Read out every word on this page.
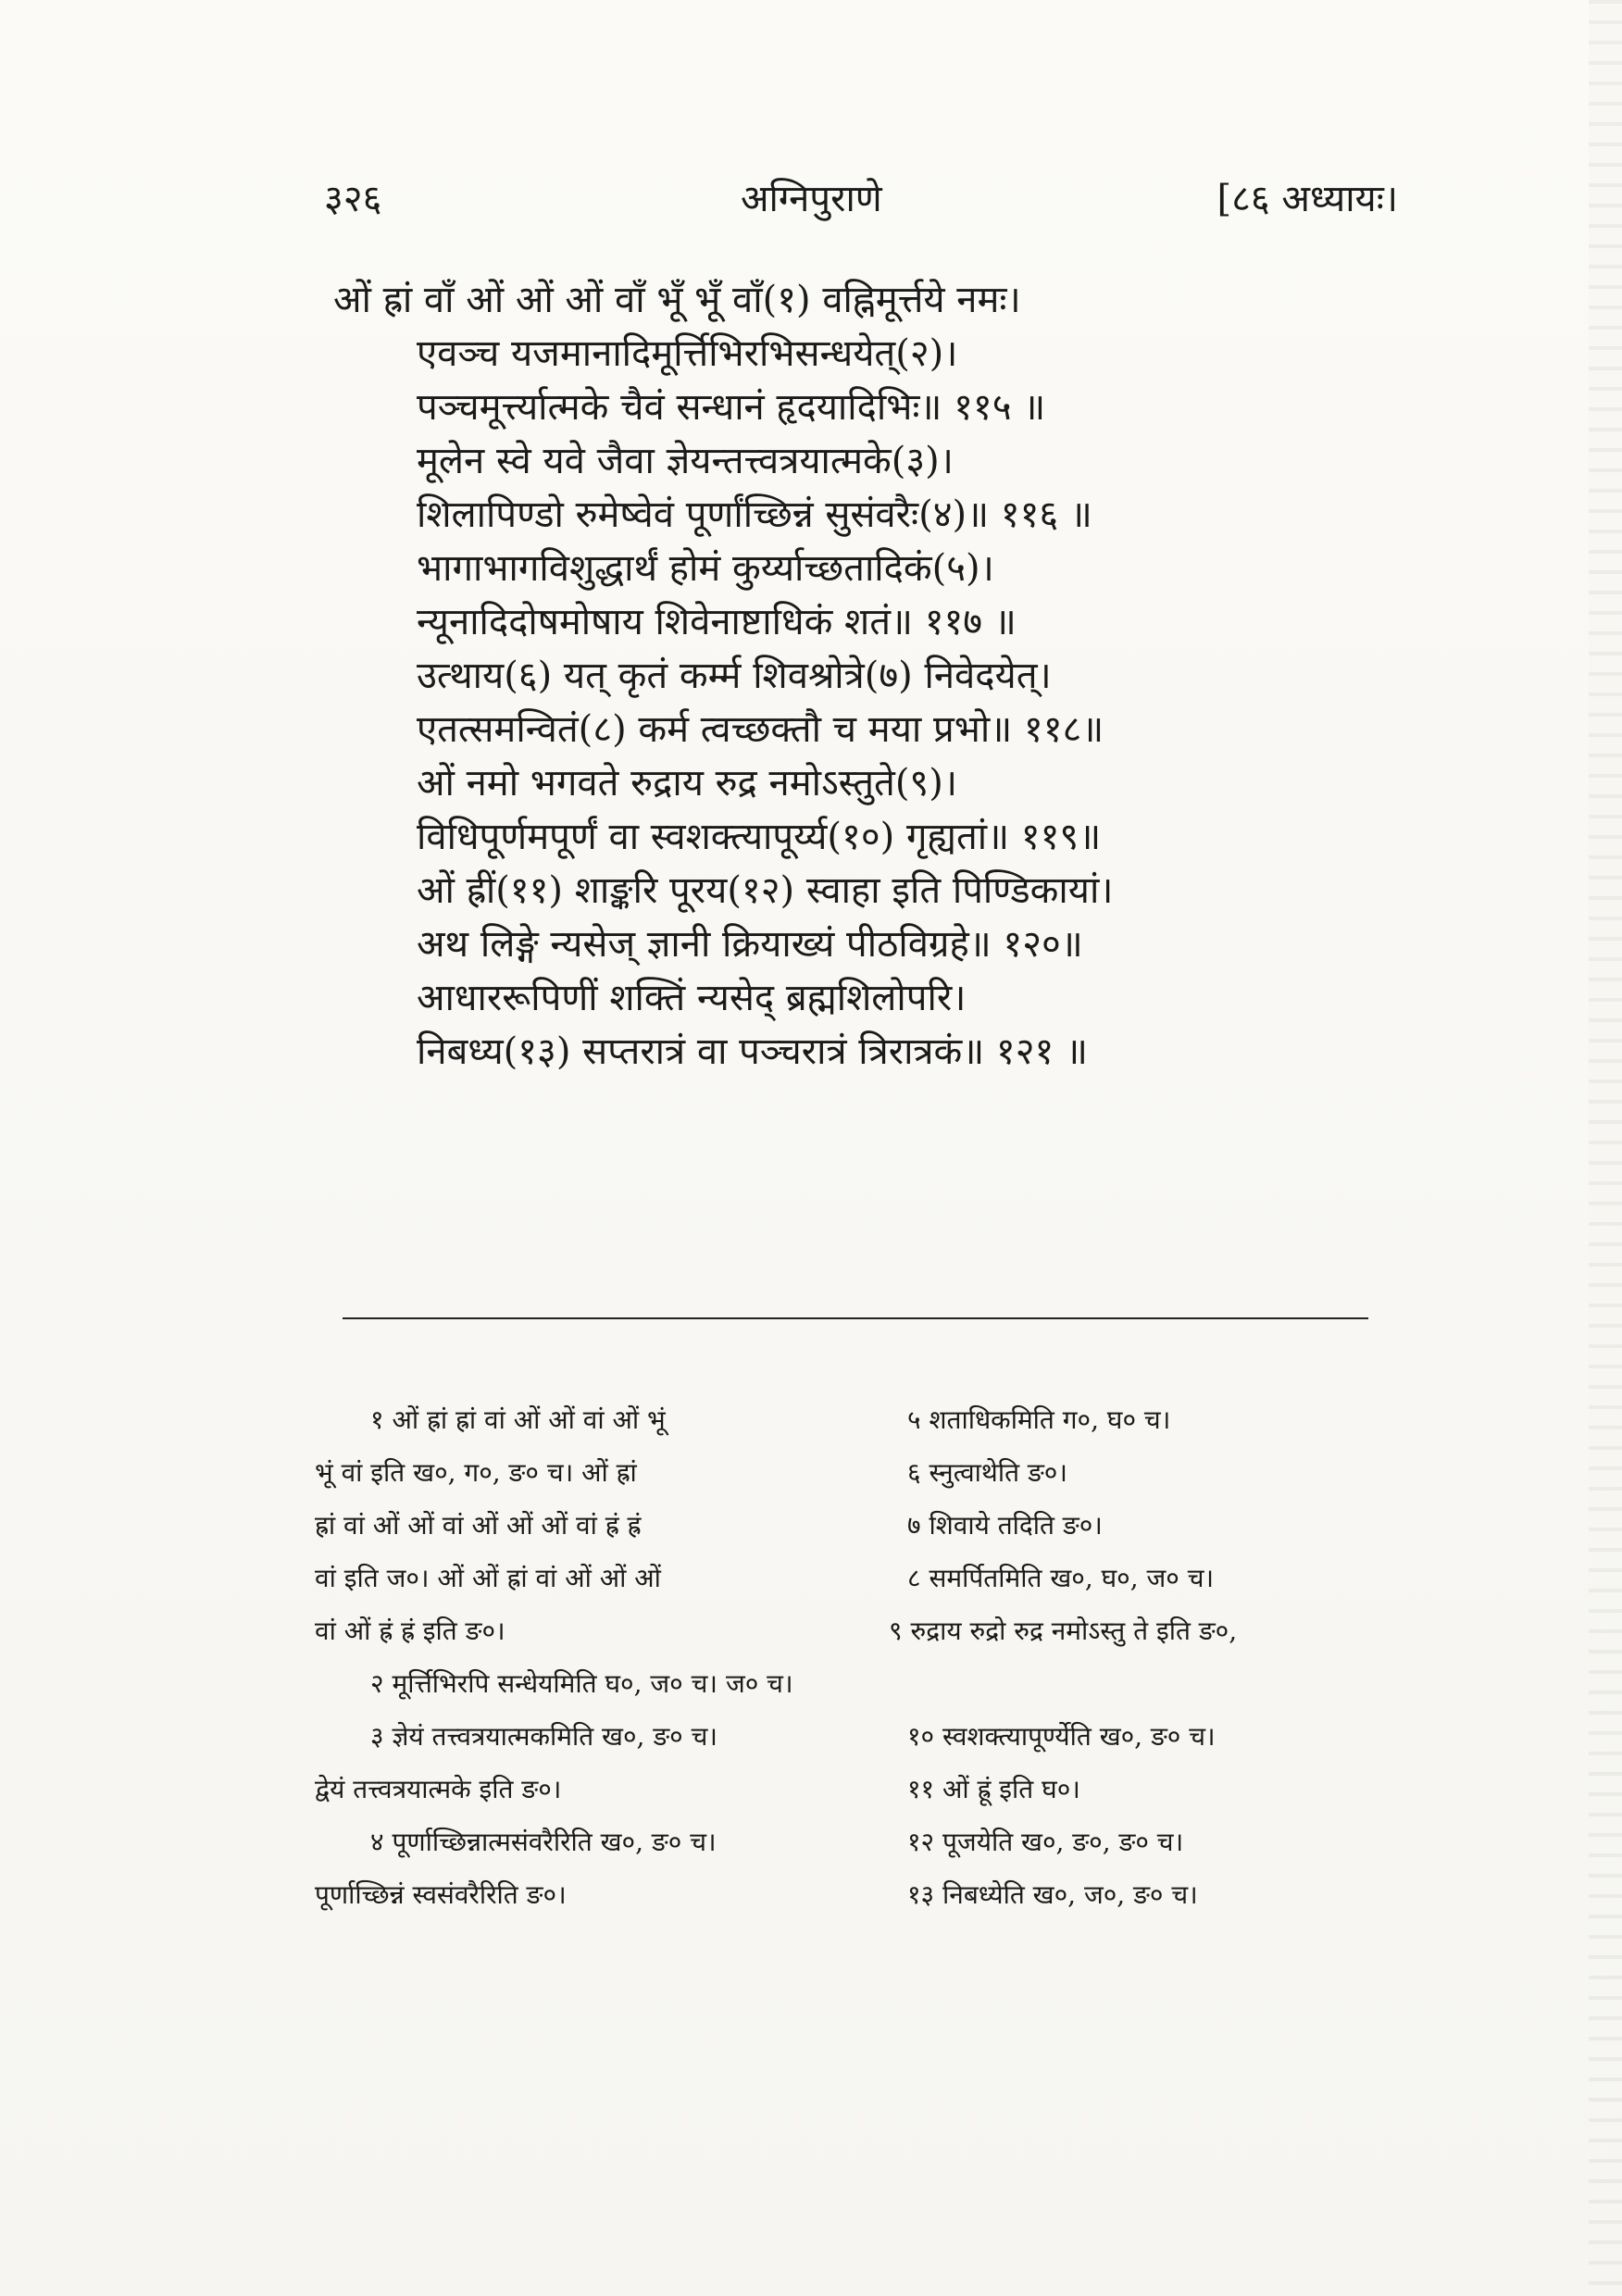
३२६	अग्निपुराणे	[८६ अध्यायः।
ओं ह्रां वाँ ओं ओं ओं वाँ भूँ भूँ वाँ(१) वह्निमूर्त्तये नमः।
एवञ्च यजमानादिमूर्त्तिभिरभिसन्धयेत्(२)।
पञ्चमूर्त्त्यात्मके चैवं सन्धानं हृदयादिभिः॥ ११५ ॥
मूलेन स्वे यवे जैवा ज्ञेयन्तत्त्वत्रयात्मके(३)।
शिलापिण्डो रुमेष्वेवं पूर्णांच्छिन्नं सुसंवरैः(४)॥ ११६ ॥
भागाभागविशुद्धार्थं होमं कुर्य्याच्छतादिकं(५)।
न्यूनादिदोषमोषाय शिवेनाष्टाधिकं शतं॥ ११७ ॥
उत्थाय(६) यत् कृतं कर्म्म शिवश्रोत्रे(७) निवेदयेत्।
एतत्समन्वितं(८) कर्म त्वच्छक्तौ च मया प्रभो॥ ११८॥
ओं नमो भगवते रुद्राय रुद्र नमोऽस्तुते(९)।
विधिपूर्णमपूर्णं वा स्वशक्त्यापूर्य्य(१०) गृह्यतां॥ ११९॥
ओं ह्रीं(११) शाङ्करि पूरय(१२) स्वाहा इति पिण्डिकायां।
अथ लिङ्गे न्यसेज् ज्ञानी क्रियाख्यं पीठविग्रहे॥ १२०॥
आधाररूपिणीं शक्तिं न्यसेद् ब्रह्मशिलोपरि।
निबध्य(१३) सप्तरात्रं वा पञ्चरात्रं त्रिरात्रकं॥ १२१ ॥
१ ओं ह्रां ह्रां वां ओं ओं वां ओं भूं	५ शताधिकमिति ग०, घ० च।
भूं वां इति ख०, ग०, ङ० च। ओं ह्रां	६ स्नुत्वाथेति ङ०।
ह्रां वां ओं ओं वां ओं ओं ओं वां ह्रं ह्रं	७ शिवाये तदिति ङ०।
वां इति ज०। ओं ओं ह्रां वां ओं ओं ओं	८ समर्पितमिति ख०, घ०, ज० च।
वां ओं ह्रं ह्रं इति ङ०।	९ रुद्राय रुद्रो रुद्र नमोऽस्तु ते इति ङ०,
२ मूर्त्तिभिरपि सन्धेयमिति घ०, ज० च। ज० च।
३ ज्ञेयं तत्त्वत्रयात्मकमिति ख०, ङ० च।	१० स्वशक्त्यापूर्ण्येति ख०, ङ० च।
द्वेयं तत्त्वत्रयात्मके इति ङ०।	११ ओं ह्रूं इति घ०।
४ पूर्णाच्छिन्नात्मसंवरैरिति ख०, ङ० च।	१२ पूजयेति ख०, ङ०, ङ० च।
पूर्णाच्छिन्नं स्वसंवरैरिति ङ०।	१३ निबध्येति ख०, ज०, ङ० च।
